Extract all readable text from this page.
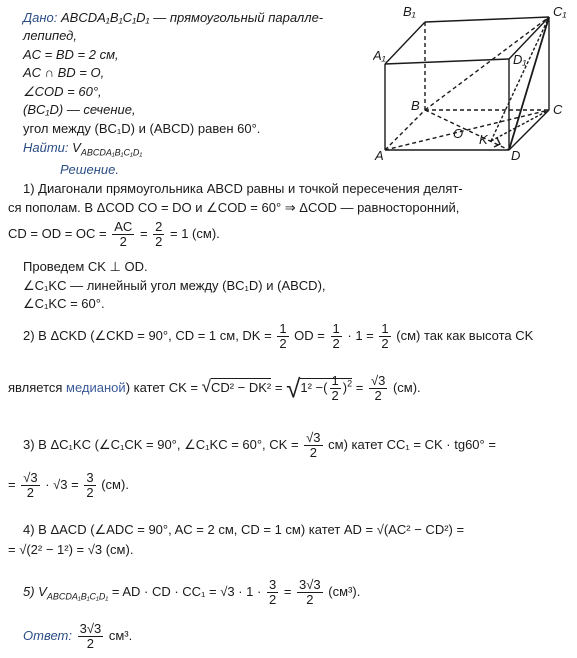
Дано: ABCDA₁B₁C₁D₁ — прямоугольный паралле-
лепипед,
AC = BD = 2 см,
AC ∩ BD = O,
∠COD = 60°,
(BC₁D) — сечение,
угол между (BC₁D) и (ABCD) равен 60°.
Найти: $V_{ABCDA_1B_1C_1D_1}$
B₁	C₁
A₁	D₁
B	C
A	D
O K
Решение.
1) Диагонали прямоугольника ABCD равны и точкой пересечения делят-
ся пополам. В ΔCOD CO = DO и ∠COD = 60° ⇒ ΔCOD — равносторонний,
CD = OD = OC = $\frac{AC}{2} = \frac{2}{2} = 1$ (см).
Проведем CK ⊥ OD.
∠C₁KC — линейный угол между (BC₁D) и (ABCD),
∠C₁KC = 60°.
2) В ΔCKD (∠CKD = 90°, CD = 1 см, DK = $\frac{1}{2}$ OD = $\frac{1}{2} \cdot 1 = \frac{1}{2} (см)$ так как высота CK
является медианой) катет CK = √CD² − DK² = √1² −( $\frac{1}{2} )^2 = \frac{√3}{2} (см)$.
3) В ΔC₁KC (∠C₁CK = 90°, ∠C₁KC = 60°, CK = $\frac{√3}{2} см$) катет CC₁ = CK · tg60° =
= $\frac{√3}{2} \cdot √3 = \frac{3}{2} (см)$.
4) В ΔACD (∠ADC = 90°, AC = 2 см, CD = 1 см) катет AD = √(AC² − CD²) =
= √(2² − 1²) = √3 (см).
5) $V_{ABCDA_1B_1C_1D_1}$ = AD · CD · $CC_1 = √3 \cdot 1 \cdot \frac{3}{2} = \frac{3√3}{2} (см^3)$.
Ответ: $\frac{3√3}{2} см^3$.
